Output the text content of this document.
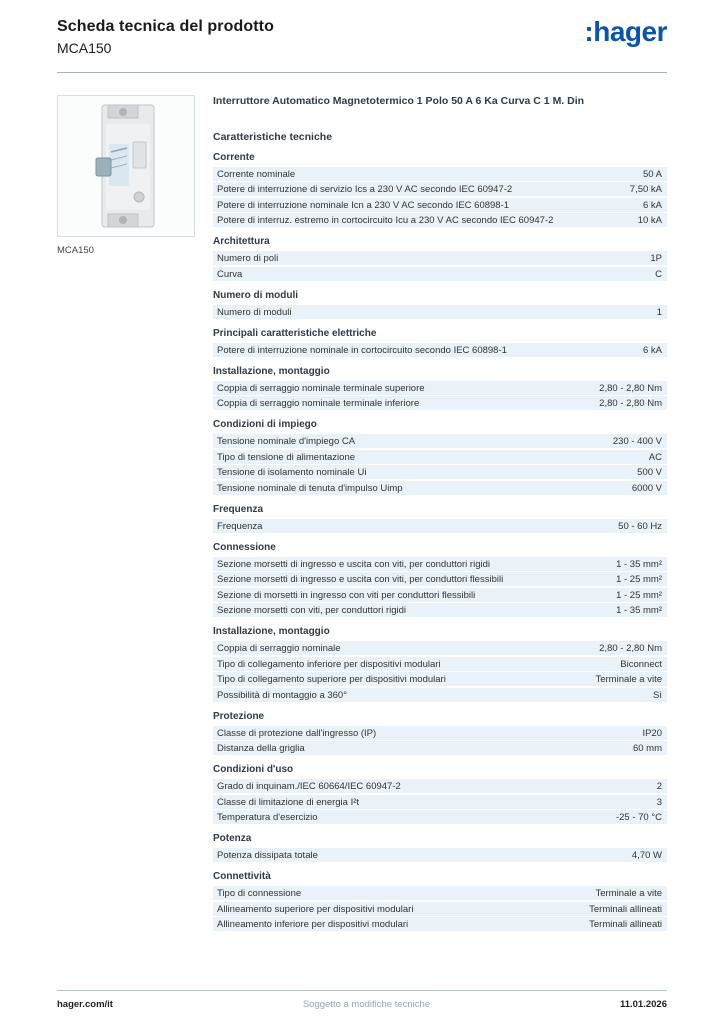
Scheda tecnica del prodotto
MCA150
:hager
MCA150
Interruttore Automatico Magnetotermico 1 Polo 50 A 6 Ka Curva C 1 M. Din
Caratteristiche tecniche
Corrente
Corrente nominale	50 A
Potere di interruzione di servizio Ics a 230 V AC secondo IEC 60947-2	7,50 kA
Potere di interruzione nominale Icn a 230 V AC secondo IEC 60898-1	6 kA
Potere di interruz. estremo in cortocircuito Icu a 230 V AC secondo IEC 60947-2	10 kA
Architettura
Numero di poli	1P
Curva	C
Numero di moduli
Numero di moduli	1
Principali caratteristiche elettriche
Potere di interruzione nominale in cortocircuito secondo IEC 60898-1	6 kA
Installazione, montaggio
Coppia di serraggio nominale terminale superiore	2,80 - 2,80 Nm
Coppia di serraggio nominale terminale inferiore	2,80 - 2,80 Nm
Condizioni di impiego
Tensione nominale d'impiego CA	230 - 400 V
Tipo di tensione di alimentazione	AC
Tensione di isolamento nominale Ui	500 V
Tensione nominale di tenuta d'impulso Uimp	6000 V
Frequenza
Frequenza	50 - 60 Hz
Connessione
Sezione morsetti di ingresso e uscita con viti, per conduttori rigidi	1 - 35 mm²
Sezione morsetti di ingresso e uscita con viti, per conduttori flessibili	1 - 25 mm²
Sezione di morsetti in ingresso con viti per conduttori flessibili	1 - 25 mm²
Sezione morsetti con viti, per conduttori rigidi	1 - 35 mm²
Installazione, montaggio
Coppia di serraggio nominale	2,80 - 2,80 Nm
Tipo di collegamento inferiore per dispositivi modulari	Biconnect
Tipo di collegamento superiore per dispositivi modulari	Terminale a vite
Possibilità di montaggio a 360°	Sì
Protezione
Classe di protezione dall'ingresso (IP)	IP20
Distanza della griglia	60 mm
Condizioni d'uso
Grado di inquinam./IEC 60664/IEC 60947-2	2
Classe di limitazione di energia I²t	3
Temperatura d'esercizio	-25 - 70 °C
Potenza
Potenza dissipata totale	4,70 W
Connettività
Tipo di connessione	Terminale a vite
Allineamento superiore per dispositivi modulari	Terminali allineati
Allineamento inferiore per dispositivi modulari	Terminali allineati
hager.com/it	Soggetto a modifiche tecniche	11.01.2026
